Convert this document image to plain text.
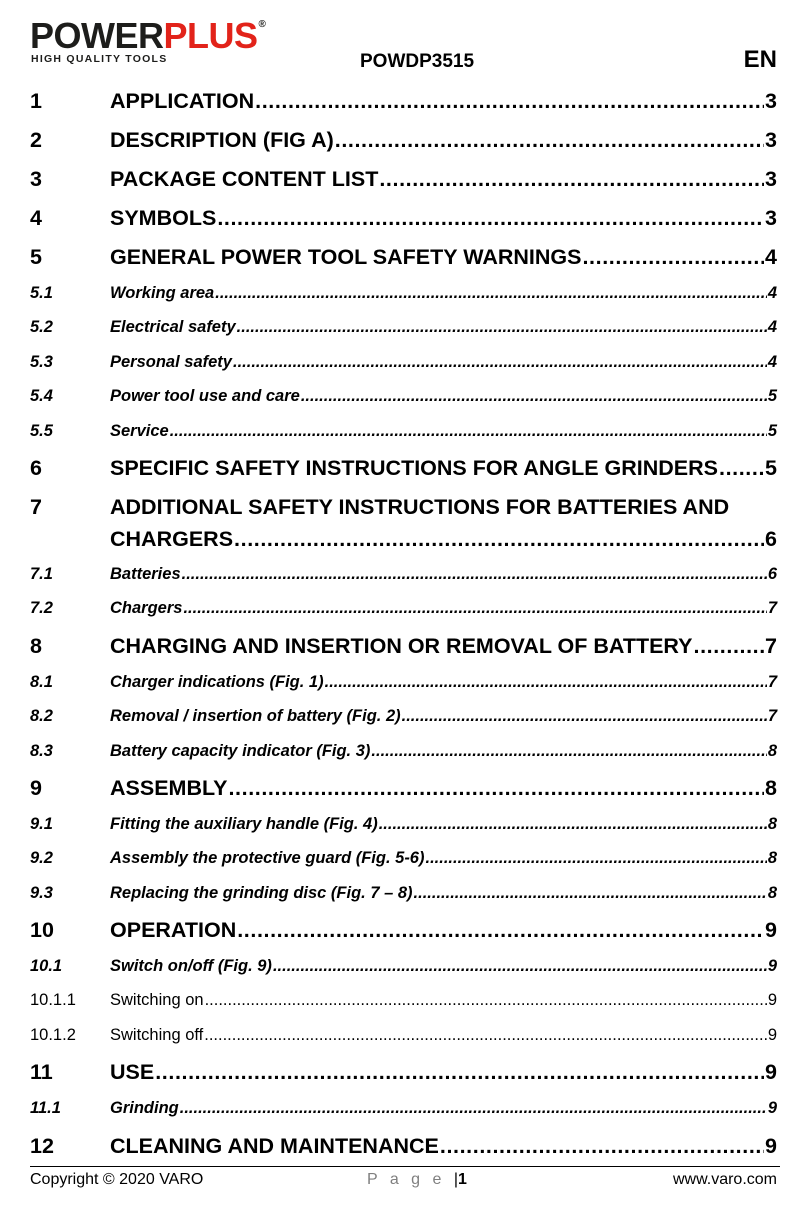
POWERPLUS®
HIGH QUALITY TOOLS	POWDP3515	EN
1	APPLICATION .....	3
2	DESCRIPTION (FIG A) .....	3
3	PACKAGE CONTENT LIST .....	3
4	SYMBOLS .....	3
5	GENERAL POWER TOOL SAFETY WARNINGS .....	4
5.1	Working area .....	4
5.2	Electrical safety .....	4
5.3	Personal safety .....	4
5.4	Power tool use and care .....	5
5.5	Service .....	5
6	SPECIFIC SAFETY INSTRUCTIONS FOR ANGLE GRINDERS ..... 5
7	ADDITIONAL SAFETY INSTRUCTIONS FOR BATTERIES AND
CHARGERS .....	6
7.1	Batteries .....	6
7.2	Chargers .....	7
8	CHARGING AND INSERTION OR REMOVAL OF BATTERY .....	7
8.1	Charger indications (Fig. 1) .....	7
8.2	Removal / insertion of battery (Fig. 2) .....	7
8.3	Battery capacity indicator (Fig. 3) .....	8
9	ASSEMBLY .....	8
9.1	Fitting the auxiliary handle (Fig. 4) .....	8
9.2	Assembly the protective guard (Fig. 5-6) .....	8
9.3	Replacing the grinding disc (Fig. 7 – 8) .....	8
10	OPERATION .....	9
10.1	Switch on/off (Fig. 9) .....	9
10.1.1 Switching on .....	9
10.1.2 Switching off .....	9
11	USE .....	9
11.1	Grinding .....	9
12	CLEANING AND MAINTENANCE .....	9
Copyright © 2020 VARO	P a g e |1	www.varo.com
